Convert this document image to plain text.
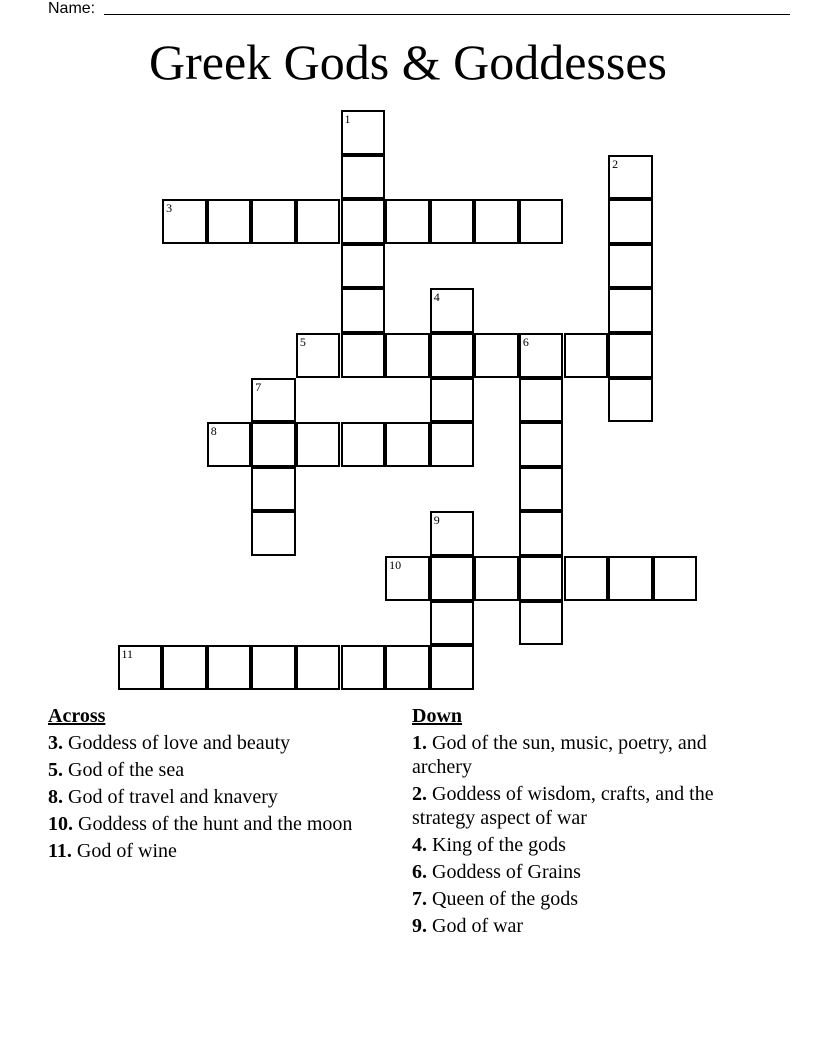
Name:
Greek Gods & Goddesses
1
2
3
4
5	6
7
8
9
10
11
Across
3. Goddess of love and beauty
5. God of the sea
8. God of travel and knavery
10. Goddess of the hunt and the moon
11. God of wine
Down
1. God of the sun, music, poetry, and archery
2. Goddess of wisdom, crafts, and the strategy aspect of war
4. King of the gods
6. Goddess of Grains
7. Queen of the gods
9. God of war
